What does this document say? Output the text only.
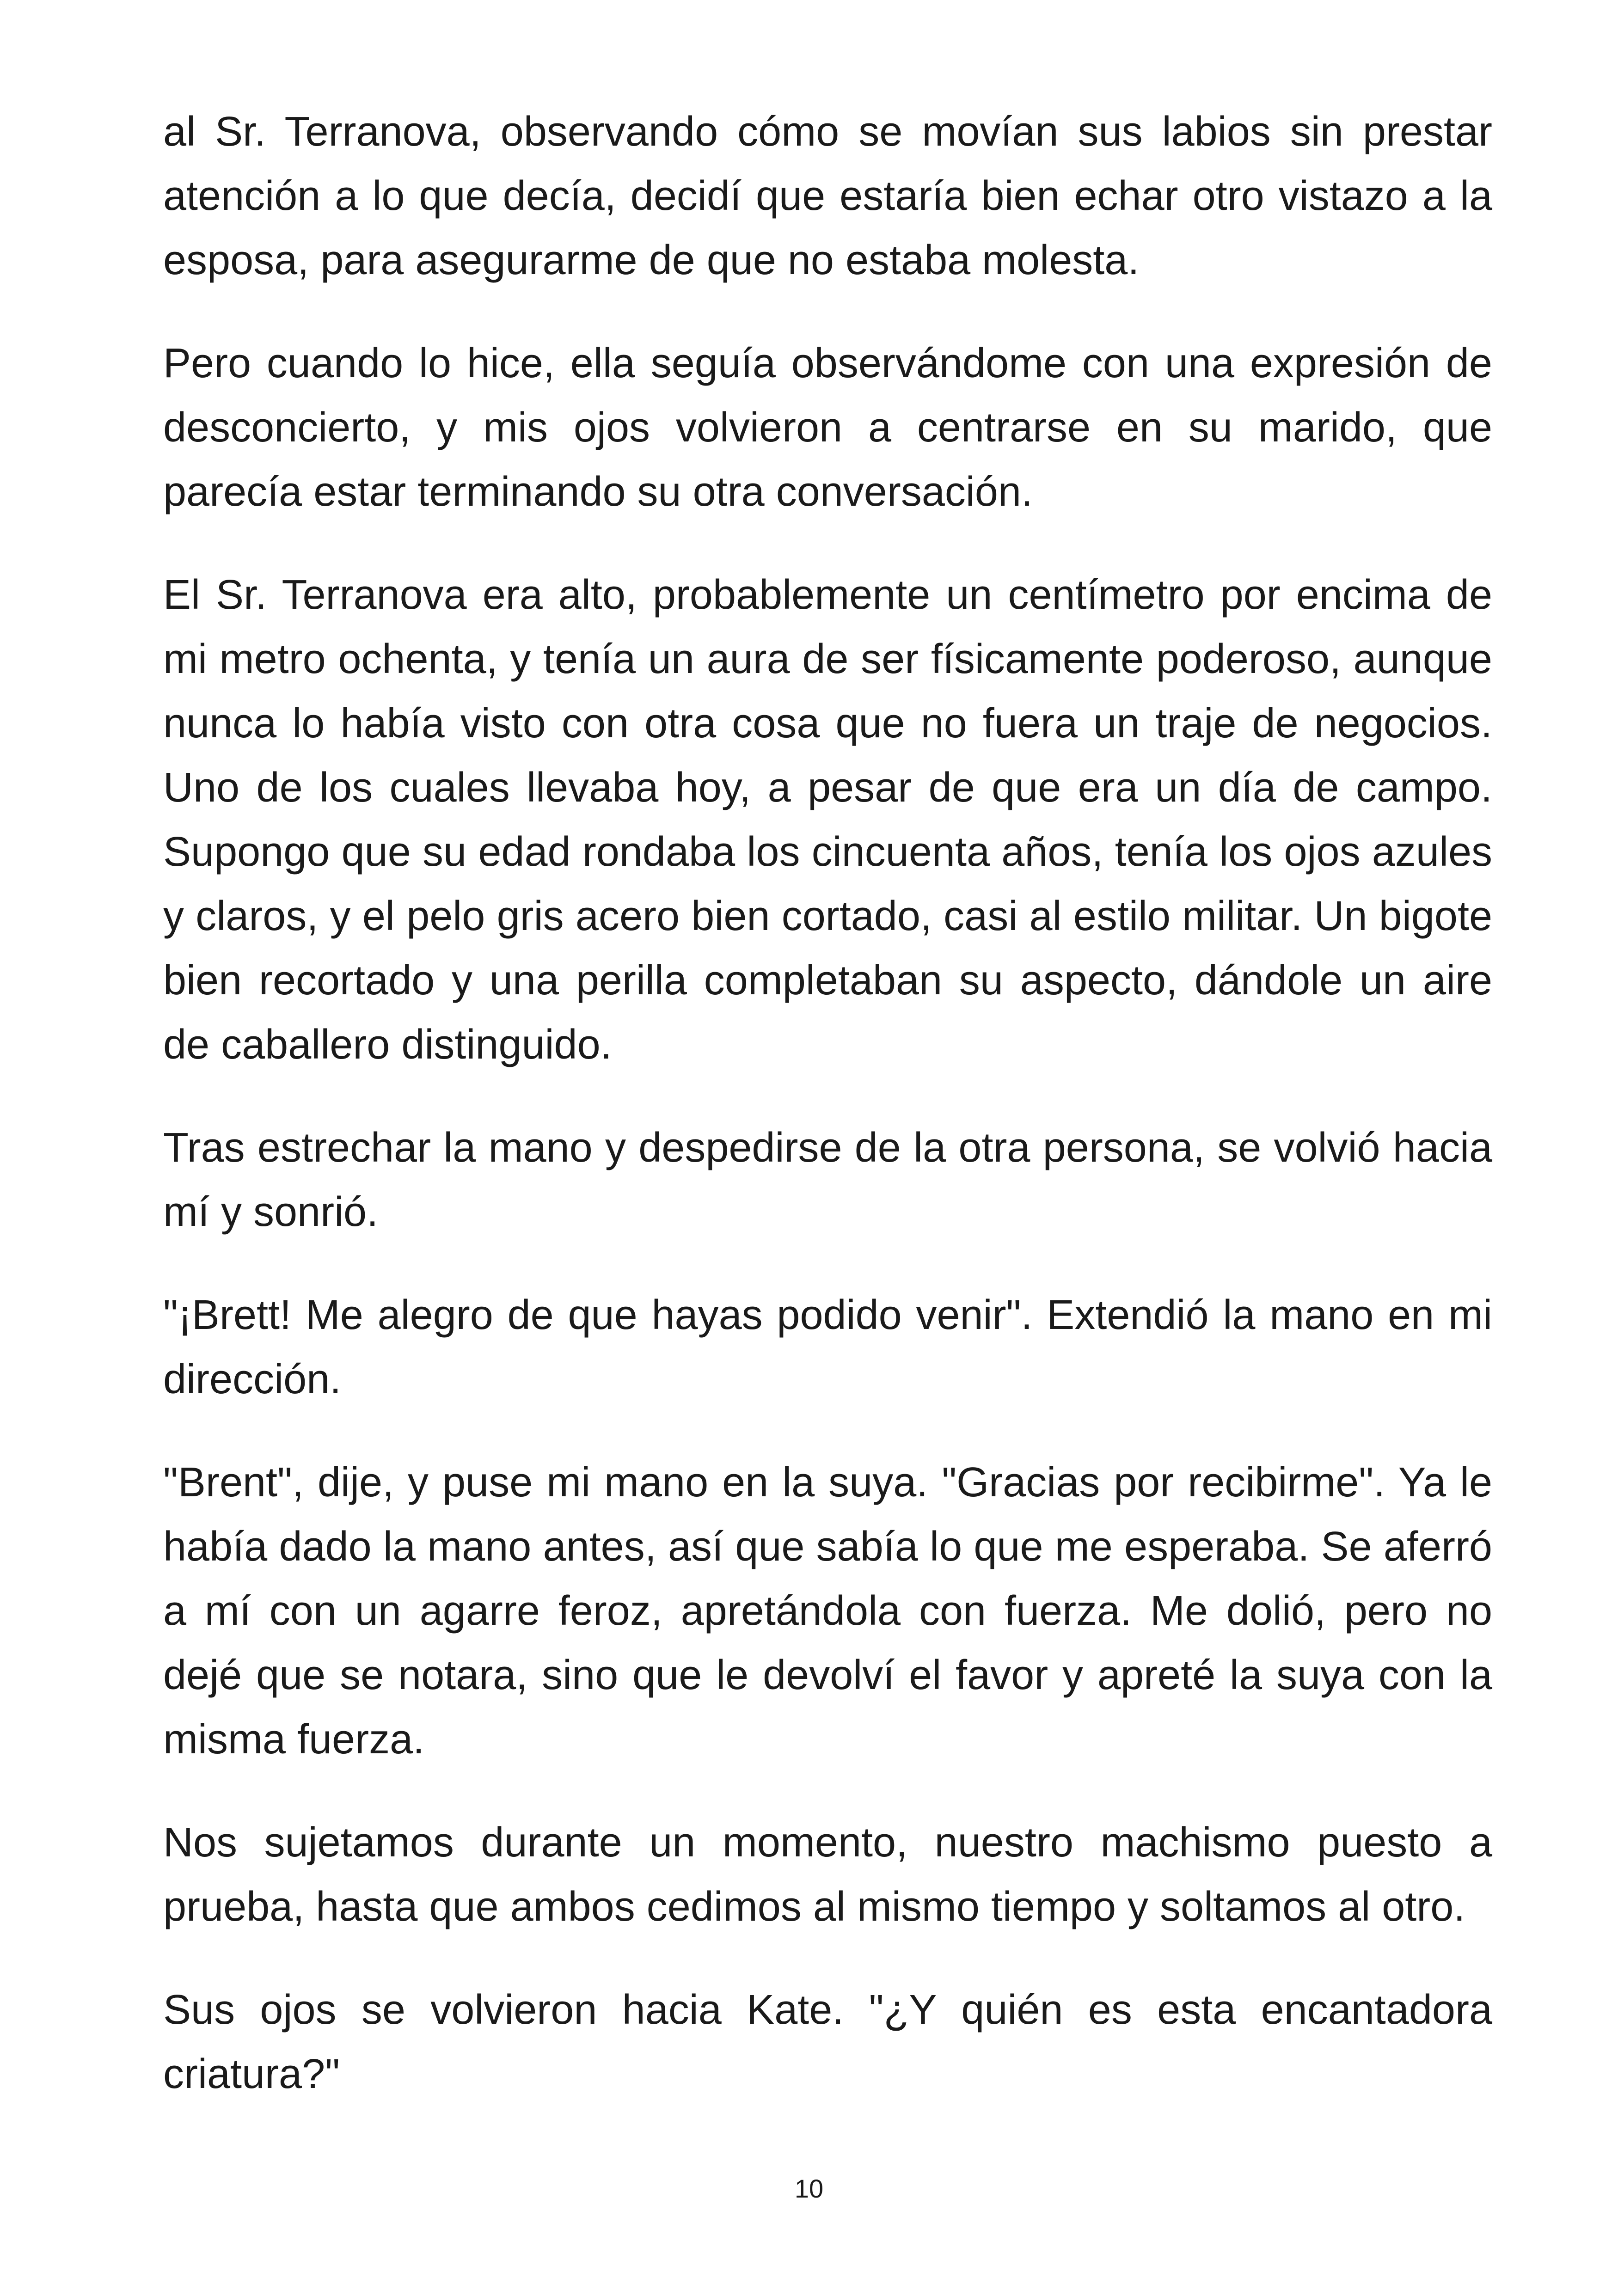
al Sr. Terranova, observando cómo se movían sus labios sin prestar atención a lo que decía, decidí que estaría bien echar otro vistazo a la esposa, para asegurarme de que no estaba molesta.

Pero cuando lo hice, ella seguía observándome con una expresión de desconcierto, y mis ojos volvieron a centrarse en su marido, que parecía estar terminando su otra conversación.

El Sr. Terranova era alto, probablemente un centímetro por encima de mi metro ochenta, y tenía un aura de ser físicamente poderoso, aunque nunca lo había visto con otra cosa que no fuera un traje de negocios. Uno de los cuales llevaba hoy, a pesar de que era un día de campo. Supongo que su edad rondaba los cincuenta años, tenía los ojos azules y claros, y el pelo gris acero bien cortado, casi al estilo militar. Un bigote bien recortado y una perilla completaban su aspecto, dándole un aire de caballero distinguido.

Tras estrechar la mano y despedirse de la otra persona, se volvió hacia mí y sonrió.

"¡Brett! Me alegro de que hayas podido venir". Extendió la mano en mi dirección.

"Brent", dije, y puse mi mano en la suya. "Gracias por recibirme". Ya le había dado la mano antes, así que sabía lo que me esperaba. Se aferró a mí con un agarre feroz, apretándola con fuerza. Me dolió, pero no dejé que se notara, sino que le devolví el favor y apreté la suya con la misma fuerza.

Nos sujetamos durante un momento, nuestro machismo puesto a prueba, hasta que ambos cedimos al mismo tiempo y soltamos al otro.

Sus ojos se volvieron hacia Kate. "¿Y quién es esta encantadora criatura?"

10
